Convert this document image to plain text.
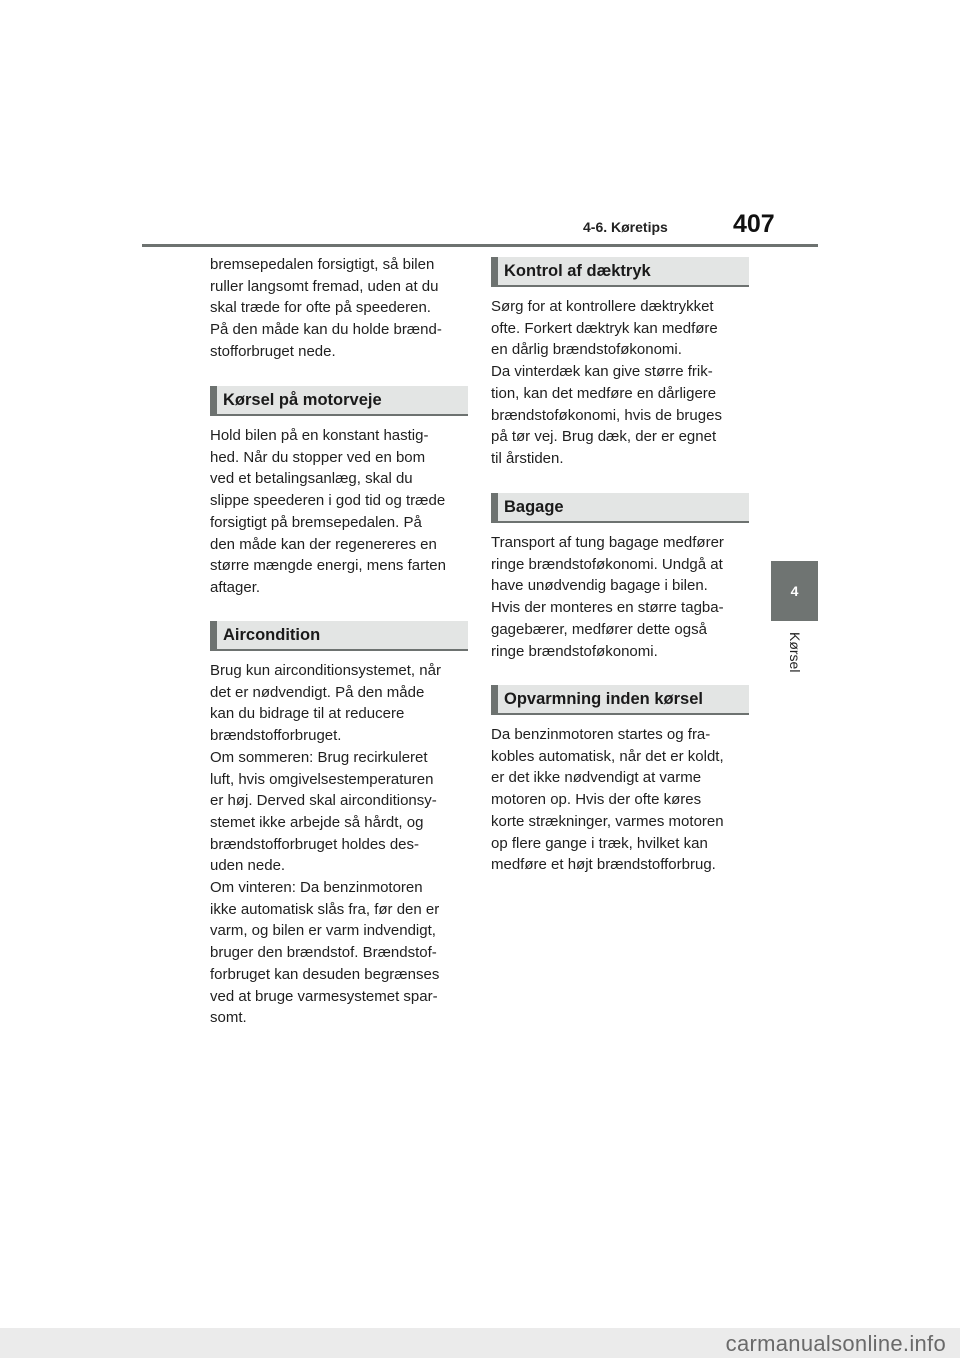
4-6. Køretips	407
4
Kørsel

bremsepedalen forsigtigt, så bilen
ruller langsomt fremad, uden at du
skal træde for ofte på speederen.
På den måde kan du holde brænd-
stofforbruget nede.

Kørsel på motorveje

Hold bilen på en konstant hastig-
hed. Når du stopper ved en bom
ved et betalingsanlæg, skal du
slippe speederen i god tid og træde
forsigtigt på bremsepedalen. På
den måde kan der regenereres en
større mængde energi, mens farten
aftager.

Aircondition

Brug kun airconditionsystemet, når
det er nødvendigt. På den måde
kan du bidrage til at reducere
brændstofforbruget.
Om sommeren: Brug recirkuleret
luft, hvis omgivelsestemperaturen
er høj. Derved skal airconditionsy-
stemet ikke arbejde så hårdt, og
brændstofforbruget holdes des-
uden nede.
Om vinteren: Da benzinmotoren
ikke automatisk slås fra, før den er
varm, og bilen er varm indvendigt,
bruger den brændstof. Brændstof-
forbruget kan desuden begrænses
ved at bruge varmesystemet spar-
somt.

Kontrol af dæktryk

Sørg for at kontrollere dæktrykket
ofte. Forkert dæktryk kan medføre
en dårlig brændstoføkonomi.
Da vinterdæk kan give større frik-
tion, kan det medføre en dårligere
brændstoføkonomi, hvis de bruges
på tør vej. Brug dæk, der er egnet
til årstiden.

Bagage

Transport af tung bagage medfører
ringe brændstoføkonomi. Undgå at
have unødvendig bagage i bilen.
Hvis der monteres en større tagba-
gagebærer, medfører dette også
ringe brændstoføkonomi.

Opvarmning inden kørsel

Da benzinmotoren startes og fra-
kobles automatisk, når det er koldt,
er det ikke nødvendigt at varme
motoren op. Hvis der ofte køres
korte strækninger, varmes motoren
op flere gange i træk, hvilket kan
medføre et højt brændstofforbrug.

carmanualsonline.info
